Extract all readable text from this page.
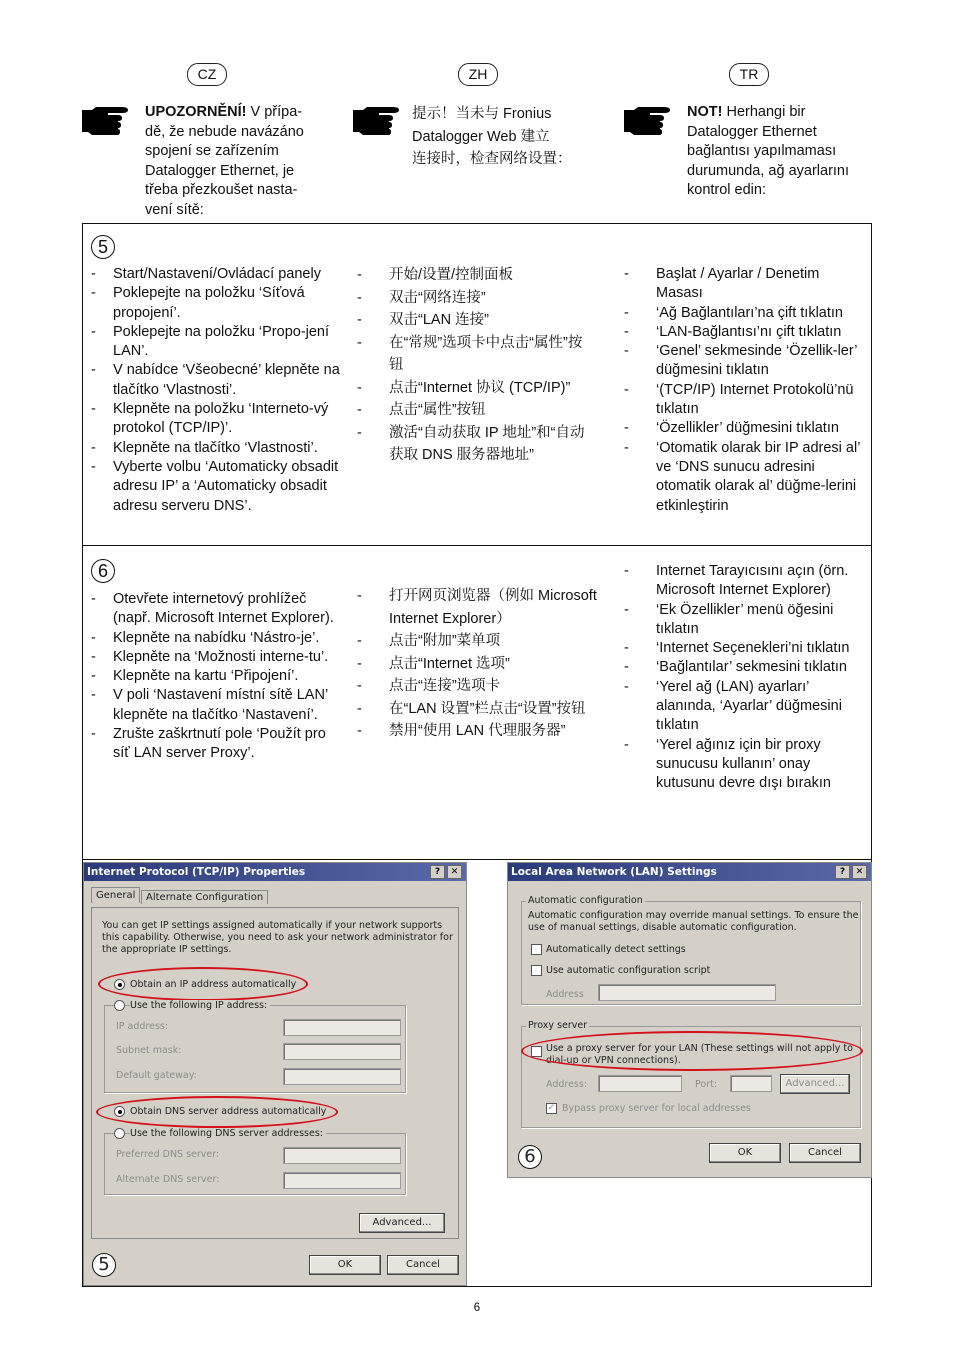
CZ	ZH	TR
UPOZORNĚNÍ! V přípa-
dě, že nebude navázáno
spojení se zařízením
Datalogger Ethernet, je
třeba přezkoušet nasta-
vení sítě:
提示！当未与 Fronius
Datalogger Web 建立
连接时，检查网络设置：
NOT! Herhangi bir
Datalogger Ethernet
bağlantısı yapılmaması
durumunda, ağ ayarlarını
kontrol edin:
5
- Start/Nastavení/Ovládací panely
- Poklepejte na položku ‘Síťová propojení’.
- Poklepejte na položku ‘Propo-jení LAN’.
- V nabídce ‘Všeobecné’ klepněte na tlačítko ‘Vlastnosti’.
- Klepněte na položku ‘Interneto-vý protokol (TCP/IP)’.
- Klepněte na tlačítko ‘Vlastnosti’.
- Vyberte volbu ‘Automaticky obsadit adresu IP’ a ‘Automaticky obsadit adresu serveru DNS’.
- 开始/设置/控制面板
- 双击“网络连接”
- 双击“LAN 连接”
- 在“常规”选项卡中点击“属性”按钮
- 点击“Internet 协议 (TCP/IP)”
- 点击“属性”按钮
- 激活“自动获取 IP 地址”和“自动获取 DNS 服务器地址”
- Başlat / Ayarlar / Denetim Masası
- ‘Ağ Bağlantıları’na çift tıklatın
- ‘LAN-Bağlantısı’nı çift tıklatın
- ‘Genel’ sekmesinde ‘Özellik-ler’ düğmesini tıklatın
- ‘(TCP/IP) Internet Protokolü’nü tıklatın
- ‘Özellikler’ düğmesini tıklatın
- ‘Otomatik olarak bir IP adresi al’ ve ‘DNS sunucu adresini otomatik olarak al’ düğme-lerini etkinleştirin
6
- Otevřete internetový prohlížeč (např. Microsoft Internet Explorer).
- Klepněte na nabídku ‘Nástro-je’.
- Klepněte na ‘Možnosti interne-tu’.
- Klepněte na kartu ‘Připojení’.
- V poli ‘Nastavení místní sítě LAN’ klepněte na tlačítko ‘Nastavení’.
- Zrušte zaškrtnutí pole ‘Použít pro síť LAN server Proxy’.
- 打开网页浏览器（例如 Microsoft Internet Explorer）
- 点击“附加”菜单项
- 点击“Internet 选项”
- 点击“连接”选项卡
- 在“LAN 设置”栏点击“设置”按钮
- 禁用“使用 LAN 代理服务器”
- Internet Tarayıcısını açın (örn. Microsoft Internet Explorer)
- ‘Ek Özellikler’ menü öğesini tıklatın
- ‘Internet Seçenekleri’ni tıklatın
- ‘Bağlantılar’ sekmesini tıklatın
- ‘Yerel ağ (LAN) ayarları’ alanında, ‘Ayarlar’ düğmesini tıklatın
- ‘Yerel ağınız için bir proxy sunucusu kullanın’ onay kutusunu devre dışı bırakın
Internet Protocol (TCP/IP) Properties	?	✕
General	Alternate Configuration
You can get IP settings assigned automatically if your network supports
this capability. Otherwise, you need to ask your network administrator for
the appropriate IP settings.
Obtain an IP address automatically
Use the following IP address:
IP address:
Subnet mask:
Default gateway:
Obtain DNS server address automatically
Use the following DNS server addresses:
Preferred DNS server:
Alternate DNS server:
Advanced...
OK	Cancel
5
Local Area Network (LAN) Settings	?	✕
Automatic configuration
Automatic configuration may override manual settings. To ensure the
use of manual settings, disable automatic configuration.
Automatically detect settings
Use automatic configuration script
Address
Proxy server
Use a proxy server for your LAN (These settings will not apply to
dial-up or VPN connections).
Address:	Port:	Advanced...
✓ Bypass proxy server for local addresses
6	OK	Cancel
6
